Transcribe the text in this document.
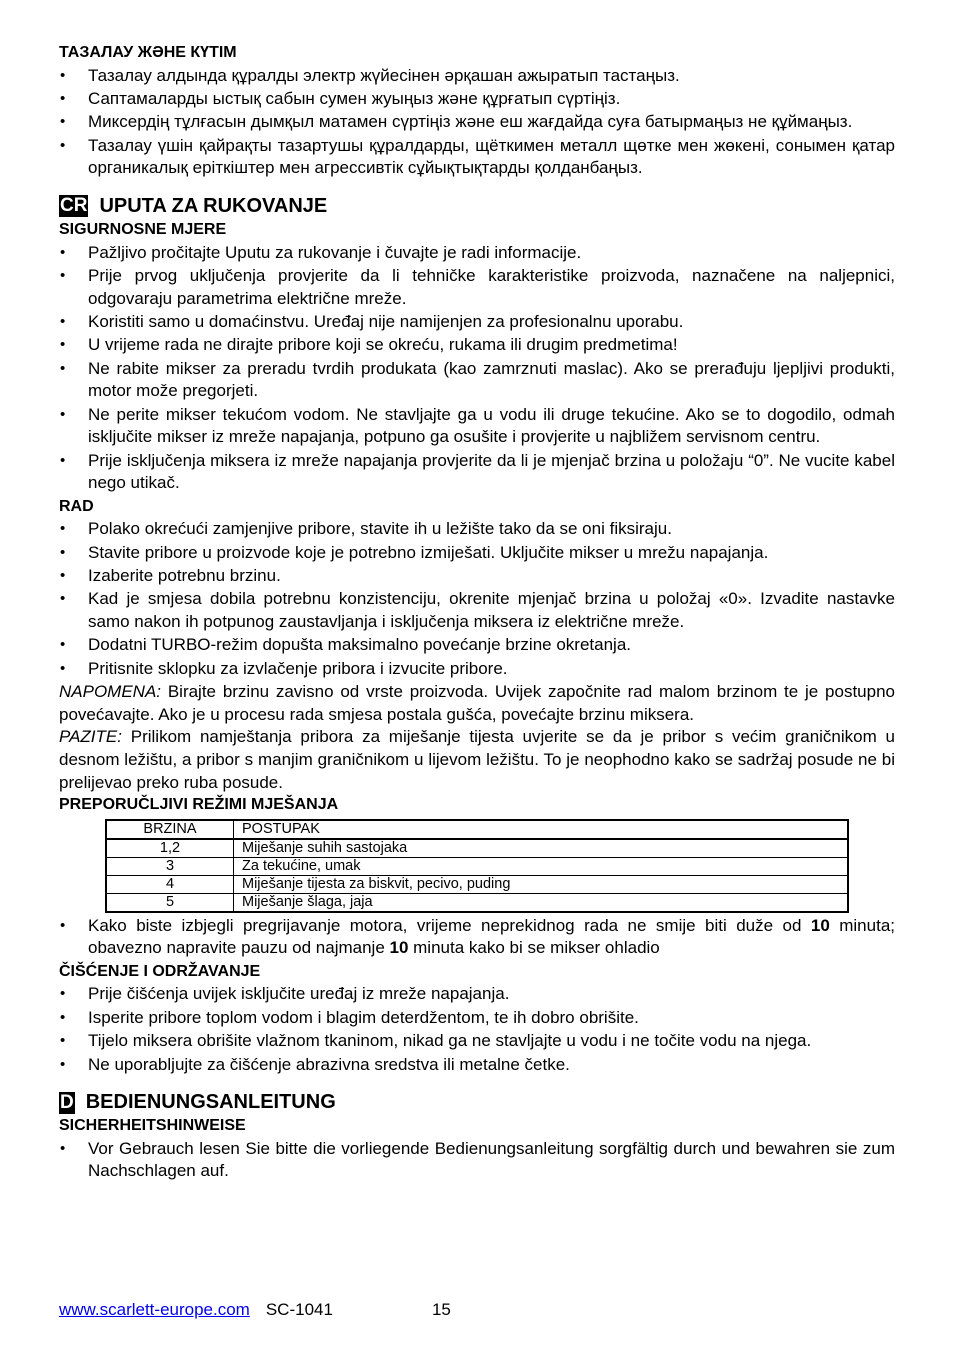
ТАЗАЛАУ ЖӘНЕ КҮТІМ
• Тазалау алдында құралды электр жүйесінен әрқашан ажыратып тастаңыз.
• Саптамаларды ыстық сабын сумен жуыңыз және құрғатып сүртіңіз.
• Миксердің тұлғасын дымқыл матамен сүртіңіз және еш жағдайда суға батырмаңыз не құймаңыз.
• Тазалау үшін қайрақты тазартушы құралдарды, щёткимен металл щөтке мен жөкені, сонымен қатар органикалық еріткіштер мен агрессивтік сұйықтықтарды қолданбаңыз.
CR UPUTA ZA RUKOVANJE
SIGURNOSNE MJERE
• Pažljivo pročitajte Uputu za rukovanje i čuvajte je radi informacije.
• Prije prvog uključenja provjerite da li tehničke karakteristike proizvoda, naznačene na naljepnici, odgovaraju parametrima električne mreže.
• Koristiti samo u domaćinstvu. Uređaj nije namijenjen za profesionalnu uporabu.
• U vrijeme rada ne dirajte pribore koji se okreću, rukama ili drugim predmetima!
• Ne rabite mikser za preradu tvrdih produkata (kao zamrznuti maslac). Ako se prerađuju ljepljivi produkti, motor može pregorjeti.
• Ne perite mikser tekućom vodom. Ne stavljajte ga u vodu ili druge tekućine. Ako se to dogodilo, odmah isključite mikser iz mreže napajanja, potpuno ga osušite i provjerite u najbližem servisnom centru.
• Prije isključenja miksera iz mreže napajanja provjerite da li je mjenjač brzina u položaju “0”. Ne vucite kabel nego utikač.
RAD
• Polako okrećući zamjenjive pribore, stavite ih u ležište tako da se oni fiksiraju.
• Stavite pribore u proizvode koje je potrebno izmiješati. Uključite mikser u mrežu napajanja.
• Izaberite potrebnu brzinu.
• Kad je smjesa dobila potrebnu konzistenciju, okrenite mjenjač brzina u položaj «0». Izvadite nastavke samo nakon ih potpunog zaustavljanja i isključenja miksera iz električne mreže.
• Dodatni TURBO-režim dopušta maksimalno povećanje brzine okretanja.
• Pritisnite sklopku za izvlačenje pribora i izvucite pribore.

NAPOMENA: Birajte brzinu zavisno od vrste proizvoda. Uvijek započnite rad malom brzinom te je postupno povećavajte. Ako je u procesu rada smjesa postala gušća, povećajte brzinu miksera.

PAZITE: Prilikom namještanja pribora za miješanje tijesta uvjerite se da je pribor s većim graničnikom u desnom ležištu, a pribor s manjim graničnikom u lijevom ležištu. To je neophodno kako se sadržaj posude ne bi prelijevao preko ruba posude.

PREPORUČLJIVI REŽIMI MJEŠANJA
BRZINA	POSTUPAK
1,2	Miješanje suhih sastojaka
3	Za tekućine, umak
4	Miješanje tijesta za biskvit, pecivo, puding
5	Miješanje šlaga, jaja
• Kako biste izbjegli pregrijavanje motora, vrijeme neprekidnog rada ne smije biti duže od 10 minuta; obavezno napravite pauzu od najmanje 10 minuta kako bi se mikser ohladio
ČIŠĆENJE I ODRŽAVANJE
• Prije čišćenja uvijek isključite uređaj iz mreže napajanja.
• Isperite pribore toplom vodom i blagim deterdžentom, te ih dobro obrišite.
• Tijelo miksera obrišite vlažnom tkaninom, nikad ga ne stavljajte u vodu i ne točite vodu na njega.
• Ne uporabljujte za čišćenje abrazivna sredstva ili metalne četke.
D BEDIENUNGSANLEITUNG
SICHERHEITSHINWEISE
• Vor Gebrauch lesen Sie bitte die vorliegende Bedienungsanleitung sorgfältig durch und bewahren sie zum Nachschlagen auf.
www.scarlett-europe.com SC-1041	15
